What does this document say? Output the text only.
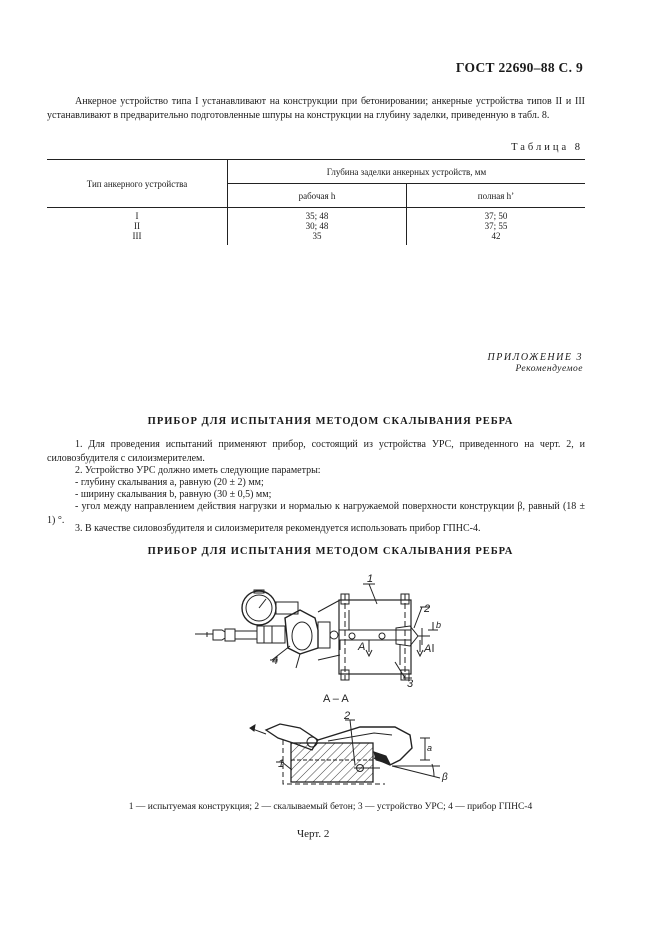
ГОСТ 22690–88 С. 9
Анкерное устройство типа I устанавливают на конструкции при бетонировании; анкерные устройства типов II и III устанавливают в предварительно подготовленные шпуры на конструкции на глубину заделки, приведенную в табл. 8.
Таблица 8
Тип анкерного устройства	Глубина заделки анкерных устройств, мм	
	рабочая h	полная h’
I	35; 48	37; 50
II	30; 48	37; 55
III	35	42
ПРИЛОЖЕНИЕ 3
Рекомендуемое
ПРИБОР ДЛЯ ИСПЫТАНИЯ МЕТОДОМ СКАЛЫВАНИЯ РЕБРА
1. Для проведения испытаний применяют прибор, состоящий из устройства УРС, приведенного на черт. 2, и силовозбудителя с силоизмерителем.
2. Устройство УРС должно иметь следующие параметры:
- глубину скалывания a, равную (20 ± 2) мм;
- ширину скалывания b, равную (30 ± 0,5) мм;
- угол между направлением действия нагрузки и нормалью к нагружаемой поверхности конструкции β, равный (18 ± 1) °.
3. В качестве силовозбудителя и силоизмерителя рекомендуется использовать прибор ГПНС-4.
ПРИБОР ДЛЯ ИСПЫТАНИЯ МЕТОДОМ СКАЛЫВАНИЯ РЕБРА
1
2
3
4
A	A
b
A – A
2
1
a
β
1 — испытуемая конструкция; 2 — скалываемый бетон; 3 — устройство УРС; 4 — прибор ГПНС-4
Черт. 2
